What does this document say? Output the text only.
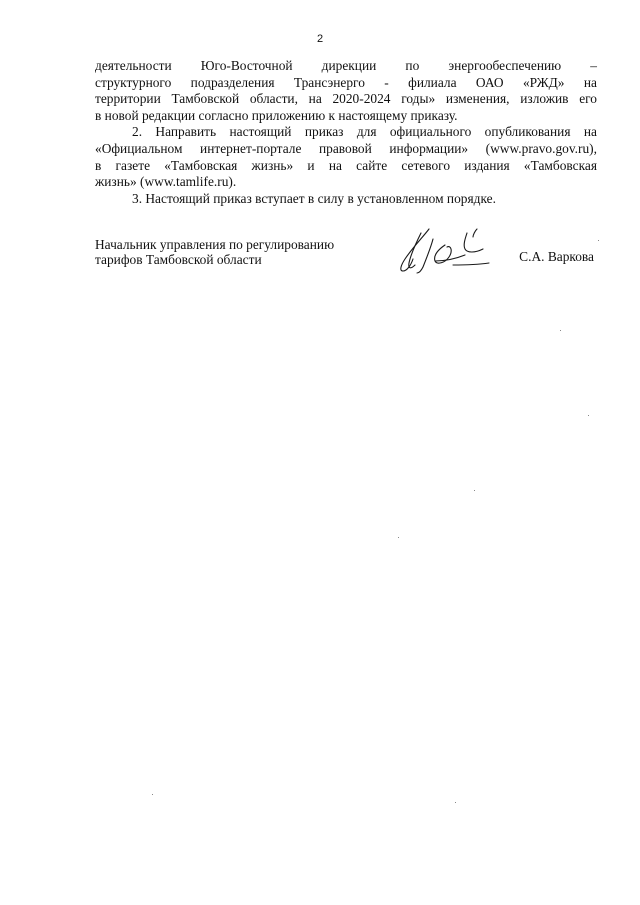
2
деятельности Юго-Восточной дирекции по энергообеспечению –
структурного подразделения Трансэнерго - филиала ОАО «РЖД» на
территории Тамбовской области, на 2020-2024 годы» изменения, изложив его
в новой редакции согласно приложению к настоящему приказу.
2. Направить настоящий приказ для официального опубликования на
«Официальном интернет-портале правовой информации» (www.pravo.gov.ru),
в газете «Тамбовская жизнь» и на сайте сетевого издания «Тамбовская
жизнь» (www.tamlife.ru).
3. Настоящий приказ вступает в силу в установленном порядке.
Начальник управления по регулированию
тарифов Тамбовской области	С.А. Варкова
